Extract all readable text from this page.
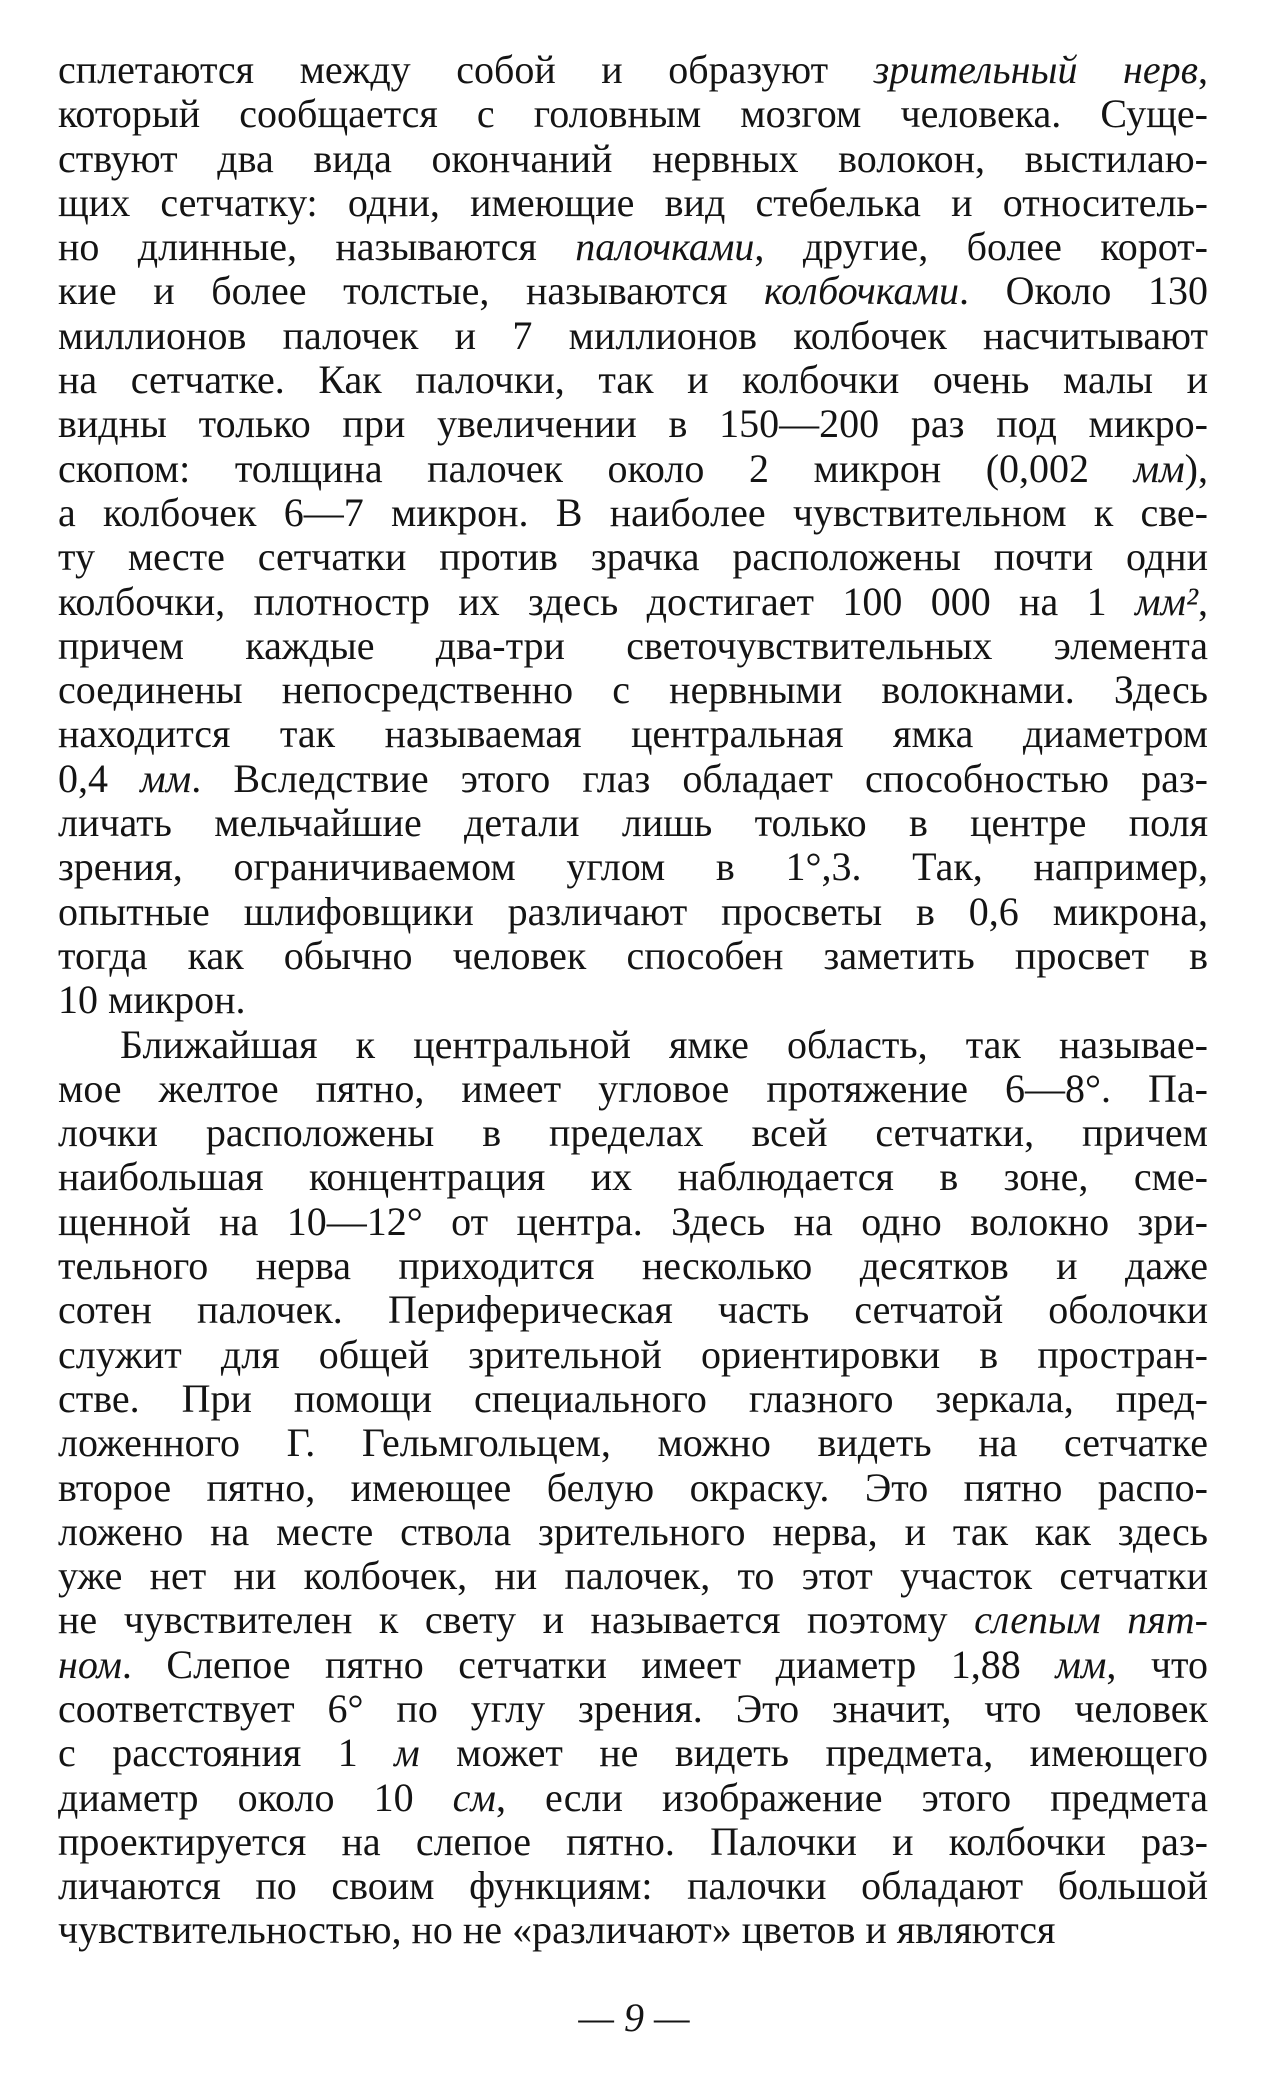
сплетаются между собой и образуют зрительный нерв,
который сообщается с головным мозгом человека. Суще-
ствуют два вида окончаний нервных волокон, выстилаю-
щих сетчатку: одни, имеющие вид стебелька и относитель-
но длинные, называются палочками, другие, более корот-
кие и более толстые, называются колбочками. Около 130
миллионов палочек и 7 миллионов колбочек насчитывают
на сетчатке. Как палочки, так и колбочки очень малы и
видны только при увеличении в 150—200 раз под микро-
скопом: толщина палочек около 2 микрон (0,002 мм),
а колбочек 6—7 микрон. В наиболее чувствительном к све-
ту месте сетчатки против зрачка расположены почти одни
колбочки, плотностр их здесь достигает 100 000 на 1 мм²,
причем каждые два-три светочувствительных элемента
соединены непосредственно с нервными волокнами. Здесь
находится так называемая центральная ямка диаметром
0,4 мм. Вследствие этого глаз обладает способностью раз-
личать мельчайшие детали лишь только в центре поля
зрения, ограничиваемом углом в 1°,3. Так, например,
опытные шлифовщики различают просветы в 0,6 микрона,
тогда как обычно человек способен заметить просвет в
10 микрон.
Ближайшая к центральной ямке область, так называе-
мое желтое пятно, имеет угловое протяжение 6—8°. Па-
лочки расположены в пределах всей сетчатки, причем
наибольшая концентрация их наблюдается в зоне, сме-
щенной на 10—12° от центра. Здесь на одно волокно зри-
тельного нерва приходится несколько десятков и даже
сотен палочек. Периферическая часть сетчатой оболочки
служит для общей зрительной ориентировки в простран-
стве. При помощи специального глазного зеркала, пред-
ложенного Г. Гельмгольцем, можно видеть на сетчатке
второе пятно, имеющее белую окраску. Это пятно распо-
ложено на месте ствола зрительного нерва, и так как здесь
уже нет ни колбочек, ни палочек, то этот участок сетчатки
не чувствителен к свету и называется поэтому слепым пят-
ном. Слепое пятно сетчатки имеет диаметр 1,88 мм, что
соответствует 6° по углу зрения. Это значит, что человек
с расстояния 1 м может не видеть предмета, имеющего
диаметр около 10 см, если изображение этого предмета
проектируется на слепое пятно. Палочки и колбочки раз-
личаются по своим функциям: палочки обладают большой
чувствительностью, но не «различают» цветов и являются
— 9 —
